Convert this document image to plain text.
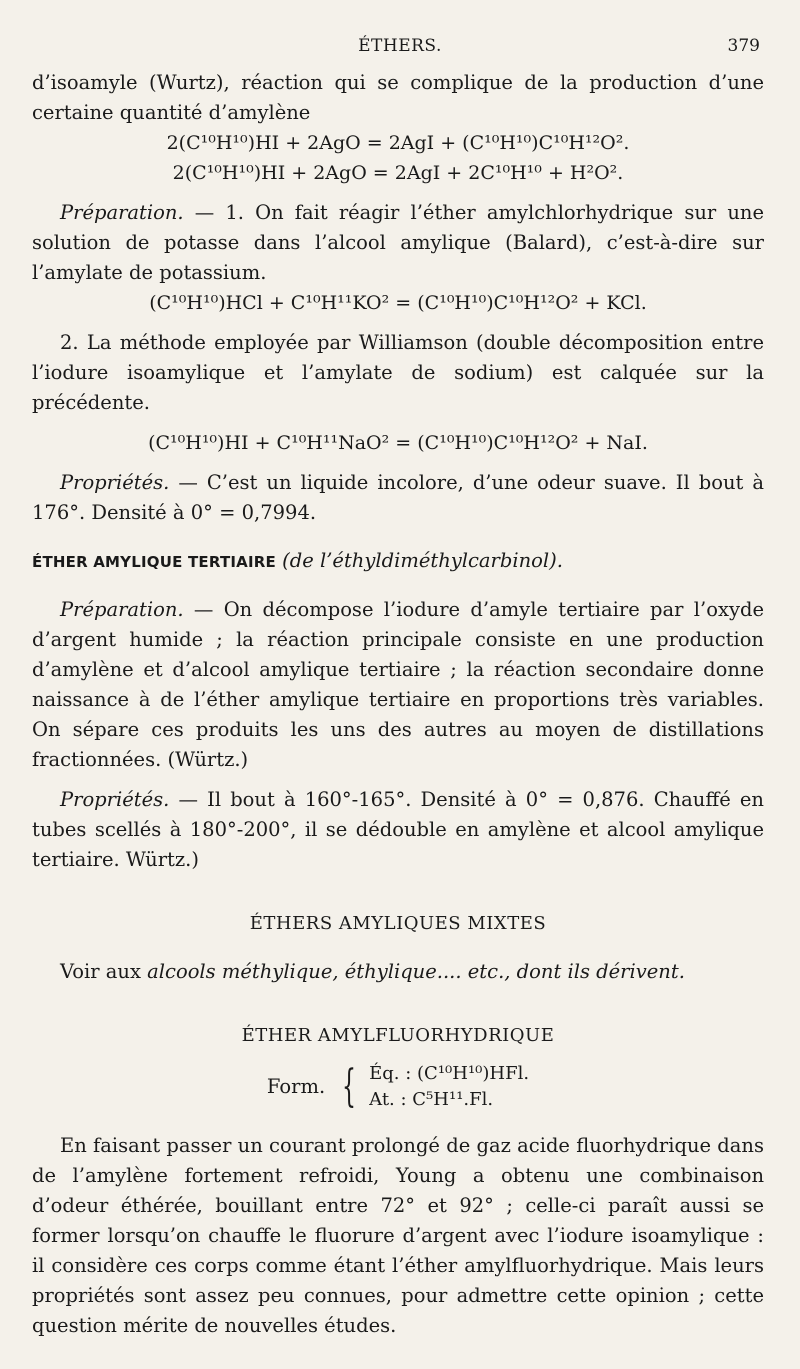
ÉTHERS.	379

d’isoamyle (Wurtz), réaction qui se complique de la production d’une certaine quantité d’amylène

2(C¹⁰H¹⁰)HI + 2AgO = 2AgI + (C¹⁰H¹⁰)C¹⁰H¹²O².

2(C¹⁰H¹⁰)HI + 2AgO = 2AgI + 2C¹⁰H¹⁰ + H²O².

Préparation. — 1. On fait réagir l’éther amylchlorhydrique sur une solution de potasse dans l’alcool amylique (Balard), c’est-à-dire sur l’amylate de potassium.

(C¹⁰H¹⁰)HCl + C¹⁰H¹¹KO² = (C¹⁰H¹⁰)C¹⁰H¹²O² + KCl.

2. La méthode employée par Williamson (double décomposition entre l’iodure isoamylique et l’amylate de sodium) est calquée sur la précédente.

(C¹⁰H¹⁰)HI + C¹⁰H¹¹NaO² = (C¹⁰H¹⁰)C¹⁰H¹²O² + NaI.

Propriétés. — C’est un liquide incolore, d’une odeur suave. Il bout à 176°. Densité à 0° = 0,7994.

ÉTHER AMYLIQUE TERTIAIRE (de l’éthyldiméthylcarbinol).

Préparation. — On décompose l’iodure d’amyle tertiaire par l’oxyde d’argent humide ; la réaction principale consiste en une production d’amylène et d’alcool amylique tertiaire ; la réaction secondaire donne naissance à de l’éther amylique tertiaire en proportions très variables. On sépare ces produits les uns des autres au moyen de distillations fractionnées. (Würtz.)

Propriétés. — Il bout à 160°-165°. Densité à 0° = 0,876. Chauffé en tubes scellés à 180°-200°, il se dédouble en amylène et alcool amylique tertiaire. Würtz.)

ÉTHERS AMYLIQUES MIXTES

Voir aux alcools méthylique, éthylique.... etc., dont ils dérivent.

ÉTHER AMYLFLUORHYDRIQUE

Form. { Éq. : (C¹⁰H¹⁰)HFl.
At. : C⁵H¹¹.Fl.

En faisant passer un courant prolongé de gaz acide fluorhydrique dans de l’amylène fortement refroidi, Young a obtenu une combinaison d’odeur éthérée, bouillant entre 72° et 92° ; celle-ci paraît aussi se former lorsqu’on chauffe le fluorure d’argent avec l’iodure isoamylique : il considère ces corps comme étant l’éther amylfluorhydrique. Mais leurs propriétés sont assez peu connues, pour admettre cette opinion ; cette question mérite de nouvelles études.
